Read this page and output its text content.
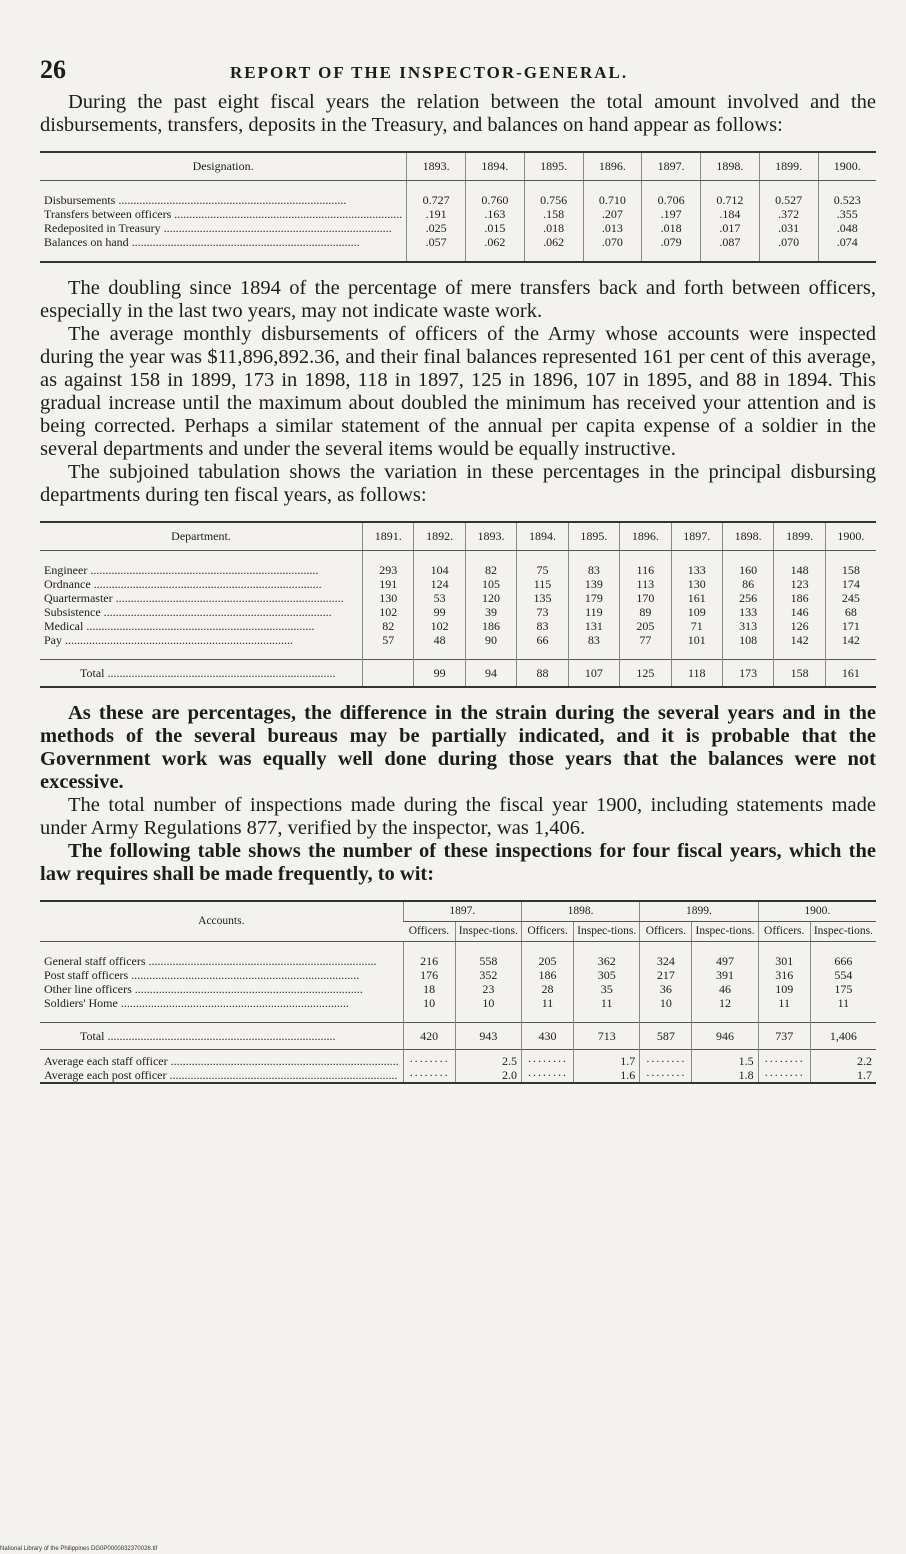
26	REPORT OF THE INSPECTOR-GENERAL.

During the past eight fiscal years the relation between the total amount involved and the disbursements, transfers, deposits in the Treasury, and balances on hand appear as follows:

Designation.	1893.	1894.	1895.	1896.	1897.	1898.	1899.	1900.

Disbursements .....	0.727	0.760	0.756	0.710	0.706	0.712	0.527	0.523

Transfers between officers .....	.191	.163	.158	.207	.197	.184	.372	.355

Redeposited in Treasury .....	.025	.015	.018	.013	.018	.017	.031	.048

Balances on hand .....	.057	.062	.062	.070	.079	.087	.070	.074

The doubling since 1894 of the percentage of mere transfers back and forth between officers, especially in the last two years, may not indicate waste work.

The average monthly disbursements of officers of the Army whose accounts were inspected during the year was $11,896,892.36, and their final balances represented 161 per cent of this average, as against 158 in 1899, 173 in 1898, 118 in 1897, 125 in 1896, 107 in 1895, and 88 in 1894. This gradual increase until the maximum about doubled the minimum has received your attention and is being corrected. Perhaps a similar statement of the annual per capita expense of a soldier in the several departments and under the several items would be equally instructive.

The subjoined tabulation shows the variation in these percentages in the principal disbursing departments during ten fiscal years, as follows:

Department.	1891.	1892.	1893.	1894.	1895.	1896.	1897.	1898.	1899.	1900.

Engineer .....	293	104	82	75	83	116	133	160	148	158

Ordnance .....	191	124	105	115	139	113	130	86	123	174

Quartermaster .....	130	53	120	135	179	170	161	256	186	245

Subsistence .....	102	99	39	73	119	89	109	133	146	68

Medical .....	82	102	186	83	131	205	71	313	126	171

Pay .....	57	48	90	66	83	77	101	108	142	142

Total .....		99	94	88	107	125	118	173	158	161

As these are percentages, the difference in the strain during the several years and in the methods of the several bureaus may be partially indicated, and it is probable that the Government work was equally well done during those years that the balances were not excessive.

The total number of inspections made during the fiscal year 1900, including statements made under Army Regulations 877, verified by the inspector, was 1,406.

The following table shows the number of these inspections for four fiscal years, which the law requires shall be made frequently, to wit:

Accounts.	1897.		1898.		1899.		1900.	
	Officers.	Inspec-tions.	Officers.	Inspec-tions.	Officers.	Inspec-tions.	Officers.	Inspec-tions.

General staff officers .....	216	558	205	362	324	497	301	666

Post staff officers .....	176	352	186	305	217	391	316	554

Other line officers .....	18	23	28	35	36	46	109	175

Soldiers' Home .....	10	10	11	11	10	12	11	11

Total .....	420	943	430	713	587	946	737	1,406

Average each staff officer .....	········	2.5	········	1.7	········	1.5	········	2.2

Average each post officer .....	········	2.0	········	1.6	········	1.8	········	1.7
National Library of the Philippines DG0P0000032370026.tif
